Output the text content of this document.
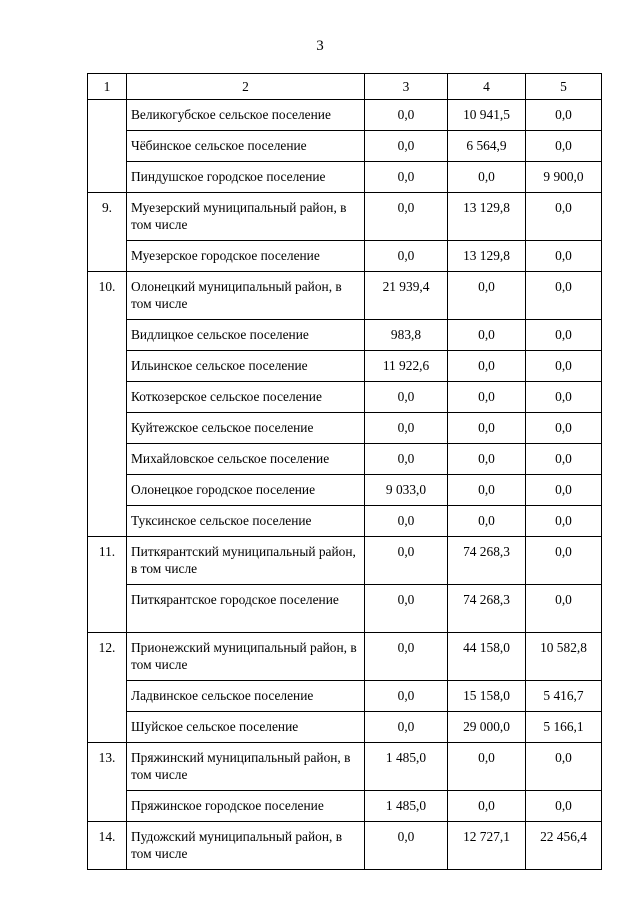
3
1	2	3	4	5
	Великогубское сельское поселение	0,0	10 941,5	0,0
	Чёбинское сельское поселение	0,0	6 564,9	0,0
	Пиндушское городское поселение	0,0	0,0	9 900,0
9.	Муезерский муниципальный район, в том числе	0,0	13 129,8	0,0
	Муезерское городское поселение	0,0	13 129,8	0,0
10.	Олонецкий муниципальный район, в том числе	21 939,4	0,0	0,0
	Видлицкое сельское поселение	983,8	0,0	0,0
	Ильинское сельское поселение	11 922,6	0,0	0,0
	Коткозерское сельское поселение	0,0	0,0	0,0
	Куйтежское сельское поселение	0,0	0,0	0,0
	Михайловское сельское поселение	0,0	0,0	0,0
	Олонецкое городское поселение	9 033,0	0,0	0,0
	Туксинское сельское поселение	0,0	0,0	0,0
11.	Питкярантский муниципальный район, в том числе	0,0	74 268,3	0,0
	Питкярантское городское поселение	0,0	74 268,3	0,0
12.	Прионежский муниципальный район, в том числе	0,0	44 158,0	10 582,8
	Ладвинское сельское поселение	0,0	15 158,0	5 416,7
	Шуйское сельское поселение	0,0	29 000,0	5 166,1
13.	Пряжинский муниципальный район, в том числе	1 485,0	0,0	0,0
	Пряжинское городское поселение	1 485,0	0,0	0,0
14.	Пудожский муниципальный район, в том числе	0,0	12 727,1	22 456,4
